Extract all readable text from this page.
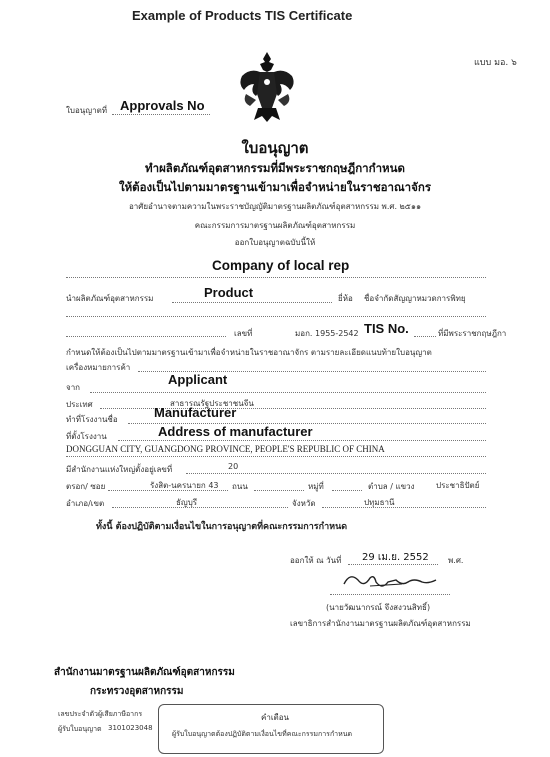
Example of Products TIS Certificate
แบบ มอ. ๖
ใบอนุญาตที่ Approvals No
ใบอนุญาต
ทำผลิตภัณฑ์อุตสาหกรรมที่มีพระราชกฤษฎีกากำหนด
ให้ต้องเป็นไปตามมาตรฐานเข้ามาเพื่อจำหน่ายในราชอาณาจักร
อาศัยอำนาจตามความในพระราชบัญญัติมาตรฐานผลิตภัณฑ์อุตสาหกรรม พ.ศ. ๒๕๑๑
คณะกรรมการมาตรฐานผลิตภัณฑ์อุตสาหกรรม
ออกใบอนุญาตฉบับนี้ให้
Company of local rep
นำผลิตภัณฑ์อุตสาหกรรม	Product	ยี่ห้อ ชื่อจำกัดสัญญาหมวดการพิทยุ
เลขที่	มอก. 1955-2542 TIS No.	ที่มีพระราชกฤษฎีกา
กำหนดให้ต้องเป็นไปตามมาตรฐานเข้ามาเพื่อจำหน่ายในราชอาณาจักร ตามรายละเอียดแนบท้ายใบอนุญาต
เครื่องหมายการค้า
จาก
Applicant
ประเทศ	สาธารณรัฐประชาชนจีน
ทำที่โรงงานชื่อ	Manufacturer
ที่ตั้งโรงงาน	Address of manufacturer
DONGGUAN CITY, GUANGDONG PROVINCE, PEOPLE'S REPUBLIC OF CHINA
มีสำนักงานแห่งใหญ่ตั้งอยู่เลขที่	20
ตรอก/ ซอย	รังสิต-นครนายก 43 ถนน	หมู่ที่	ตำบล / แขวง	ประชาธิปัตย์
อำเภอ/เขต	ธัญบุรี	จังหวัด	ปทุมธานี
ทั้งนี้ ต้องปฏิบัติตามเงื่อนไขในการอนุญาตที่คณะกรรมการกำหนด
ออกให้ ณ วันที่ 29 เม.ย. 2552 พ.ศ.
(นายวัฒนากรณ์ จึงสงวนสิทธิ์)
เลขาธิการสำนักงานมาตรฐานผลิตภัณฑ์อุตสาหกรรม
สำนักงานมาตรฐานผลิตภัณฑ์อุตสาหกรรม
กระทรวงอุตสาหกรรม
เลขประจำตัวผู้เสียภาษีอากร
ผู้รับใบอนุญาต 3101023048
คำเตือน
ผู้รับใบอนุญาตต้องปฏิบัติตามเงื่อนไขที่คณะกรรมการกำหนด
